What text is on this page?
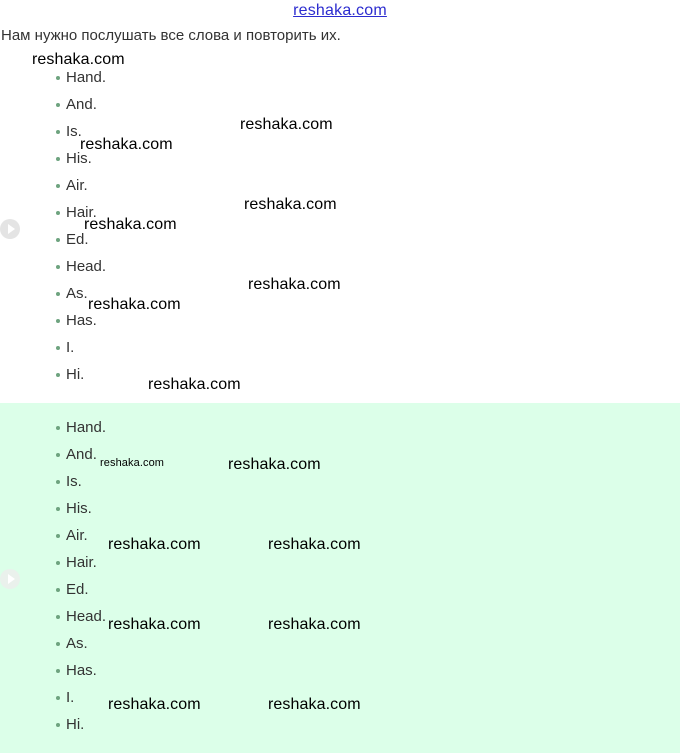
reshaka.com
Нам нужно послушать все слова и повторить их.
Hand.
And.
Is.
His.
Air.
Hair.
Ed.
Head.
As.
Has.
I.
Hi.
Hand.
And.
Is.
His.
Air.
Hair.
Ed.
Head.
As.
Has.
I.
Hi.
reshaka.com
reshaka.com
reshaka.com
reshaka.com
reshaka.com
reshaka.com
reshaka.com
reshaka.com
reshaka.com	reshaka.com
reshaka.com	reshaka.com
reshaka.com	reshaka.com
reshaka.com	reshaka.com
